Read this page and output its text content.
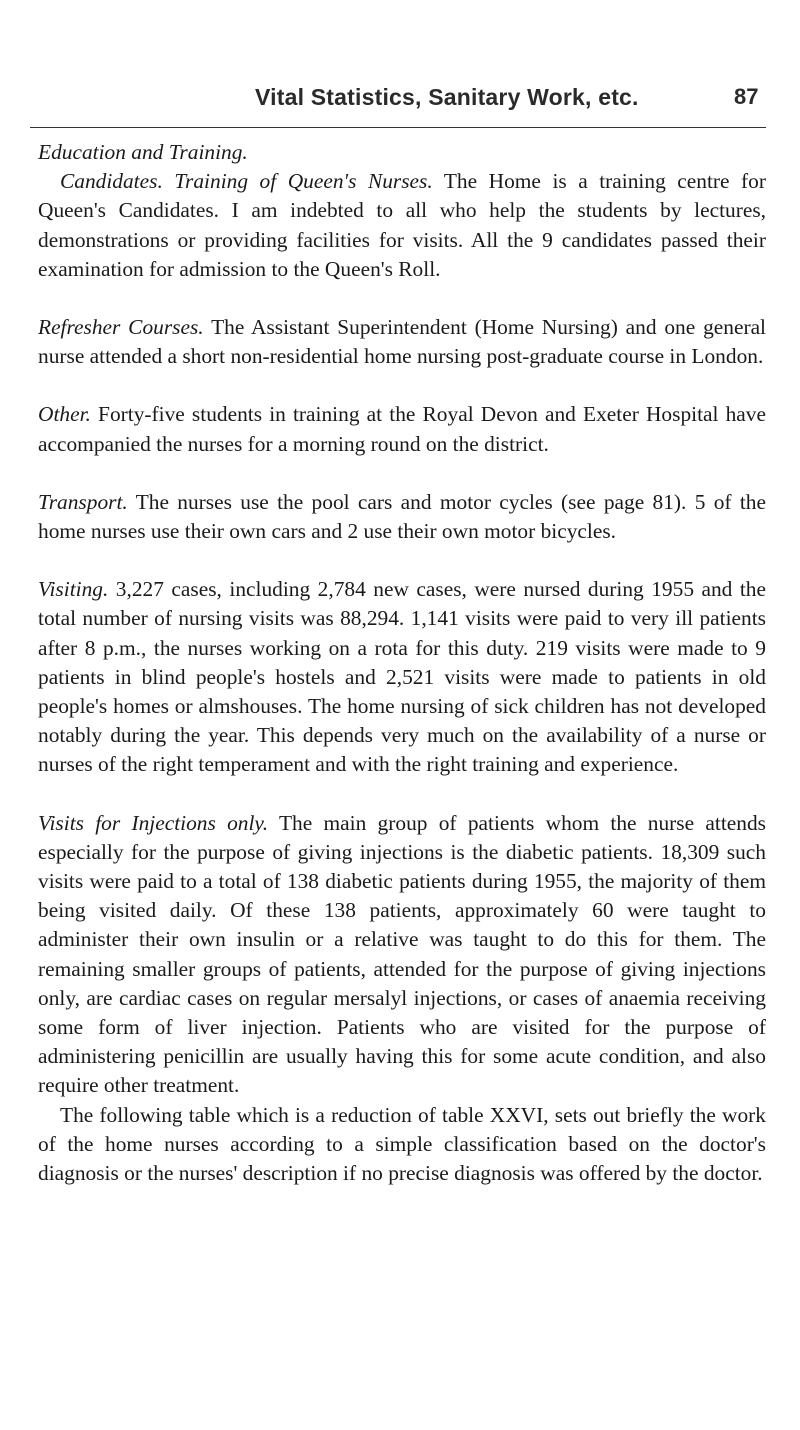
Vital Statistics, Sanitary Work, etc.	87
Education and Training.

Candidates. Training of Queen's Nurses. The Home is a training centre for Queen's Candidates. I am indebted to all who help the students by lectures, demonstrations or providing facilities for visits. All the 9 candidates passed their examination for admission to the Queen's Roll.

Refresher Courses. The Assistant Superintendent (Home Nursing) and one general nurse attended a short non-residential home nursing post-graduate course in London.

Other. Forty-five students in training at the Royal Devon and Exeter Hospital have accompanied the nurses for a morning round on the district.

Transport. The nurses use the pool cars and motor cycles (see page 81). 5 of the home nurses use their own cars and 2 use their own motor bicycles.

Visiting. 3,227 cases, including 2,784 new cases, were nursed during 1955 and the total number of nursing visits was 88,294. 1,141 visits were paid to very ill patients after 8 p.m., the nurses working on a rota for this duty. 219 visits were made to 9 patients in blind people's hostels and 2,521 visits were made to patients in old people's homes or almshouses. The home nursing of sick children has not developed notably during the year. This depends very much on the availability of a nurse or nurses of the right temperament and with the right training and experience.

Visits for Injections only. The main group of patients whom the nurse attends especially for the purpose of giving injections is the diabetic patients. 18,309 such visits were paid to a total of 138 diabetic patients during 1955, the majority of them being visited daily. Of these 138 patients, approximately 60 were taught to administer their own insulin or a relative was taught to do this for them. The remaining smaller groups of patients, attended for the purpose of giving injections only, are cardiac cases on regular mersalyl injections, or cases of anaemia receiving some form of liver injection. Patients who are visited for the purpose of administering penicillin are usually having this for some acute condition, and also require other treatment.

The following table which is a reduction of table XXVI, sets out briefly the work of the home nurses according to a simple classification based on the doctor's diagnosis or the nurses' description if no precise diagnosis was offered by the doctor.
